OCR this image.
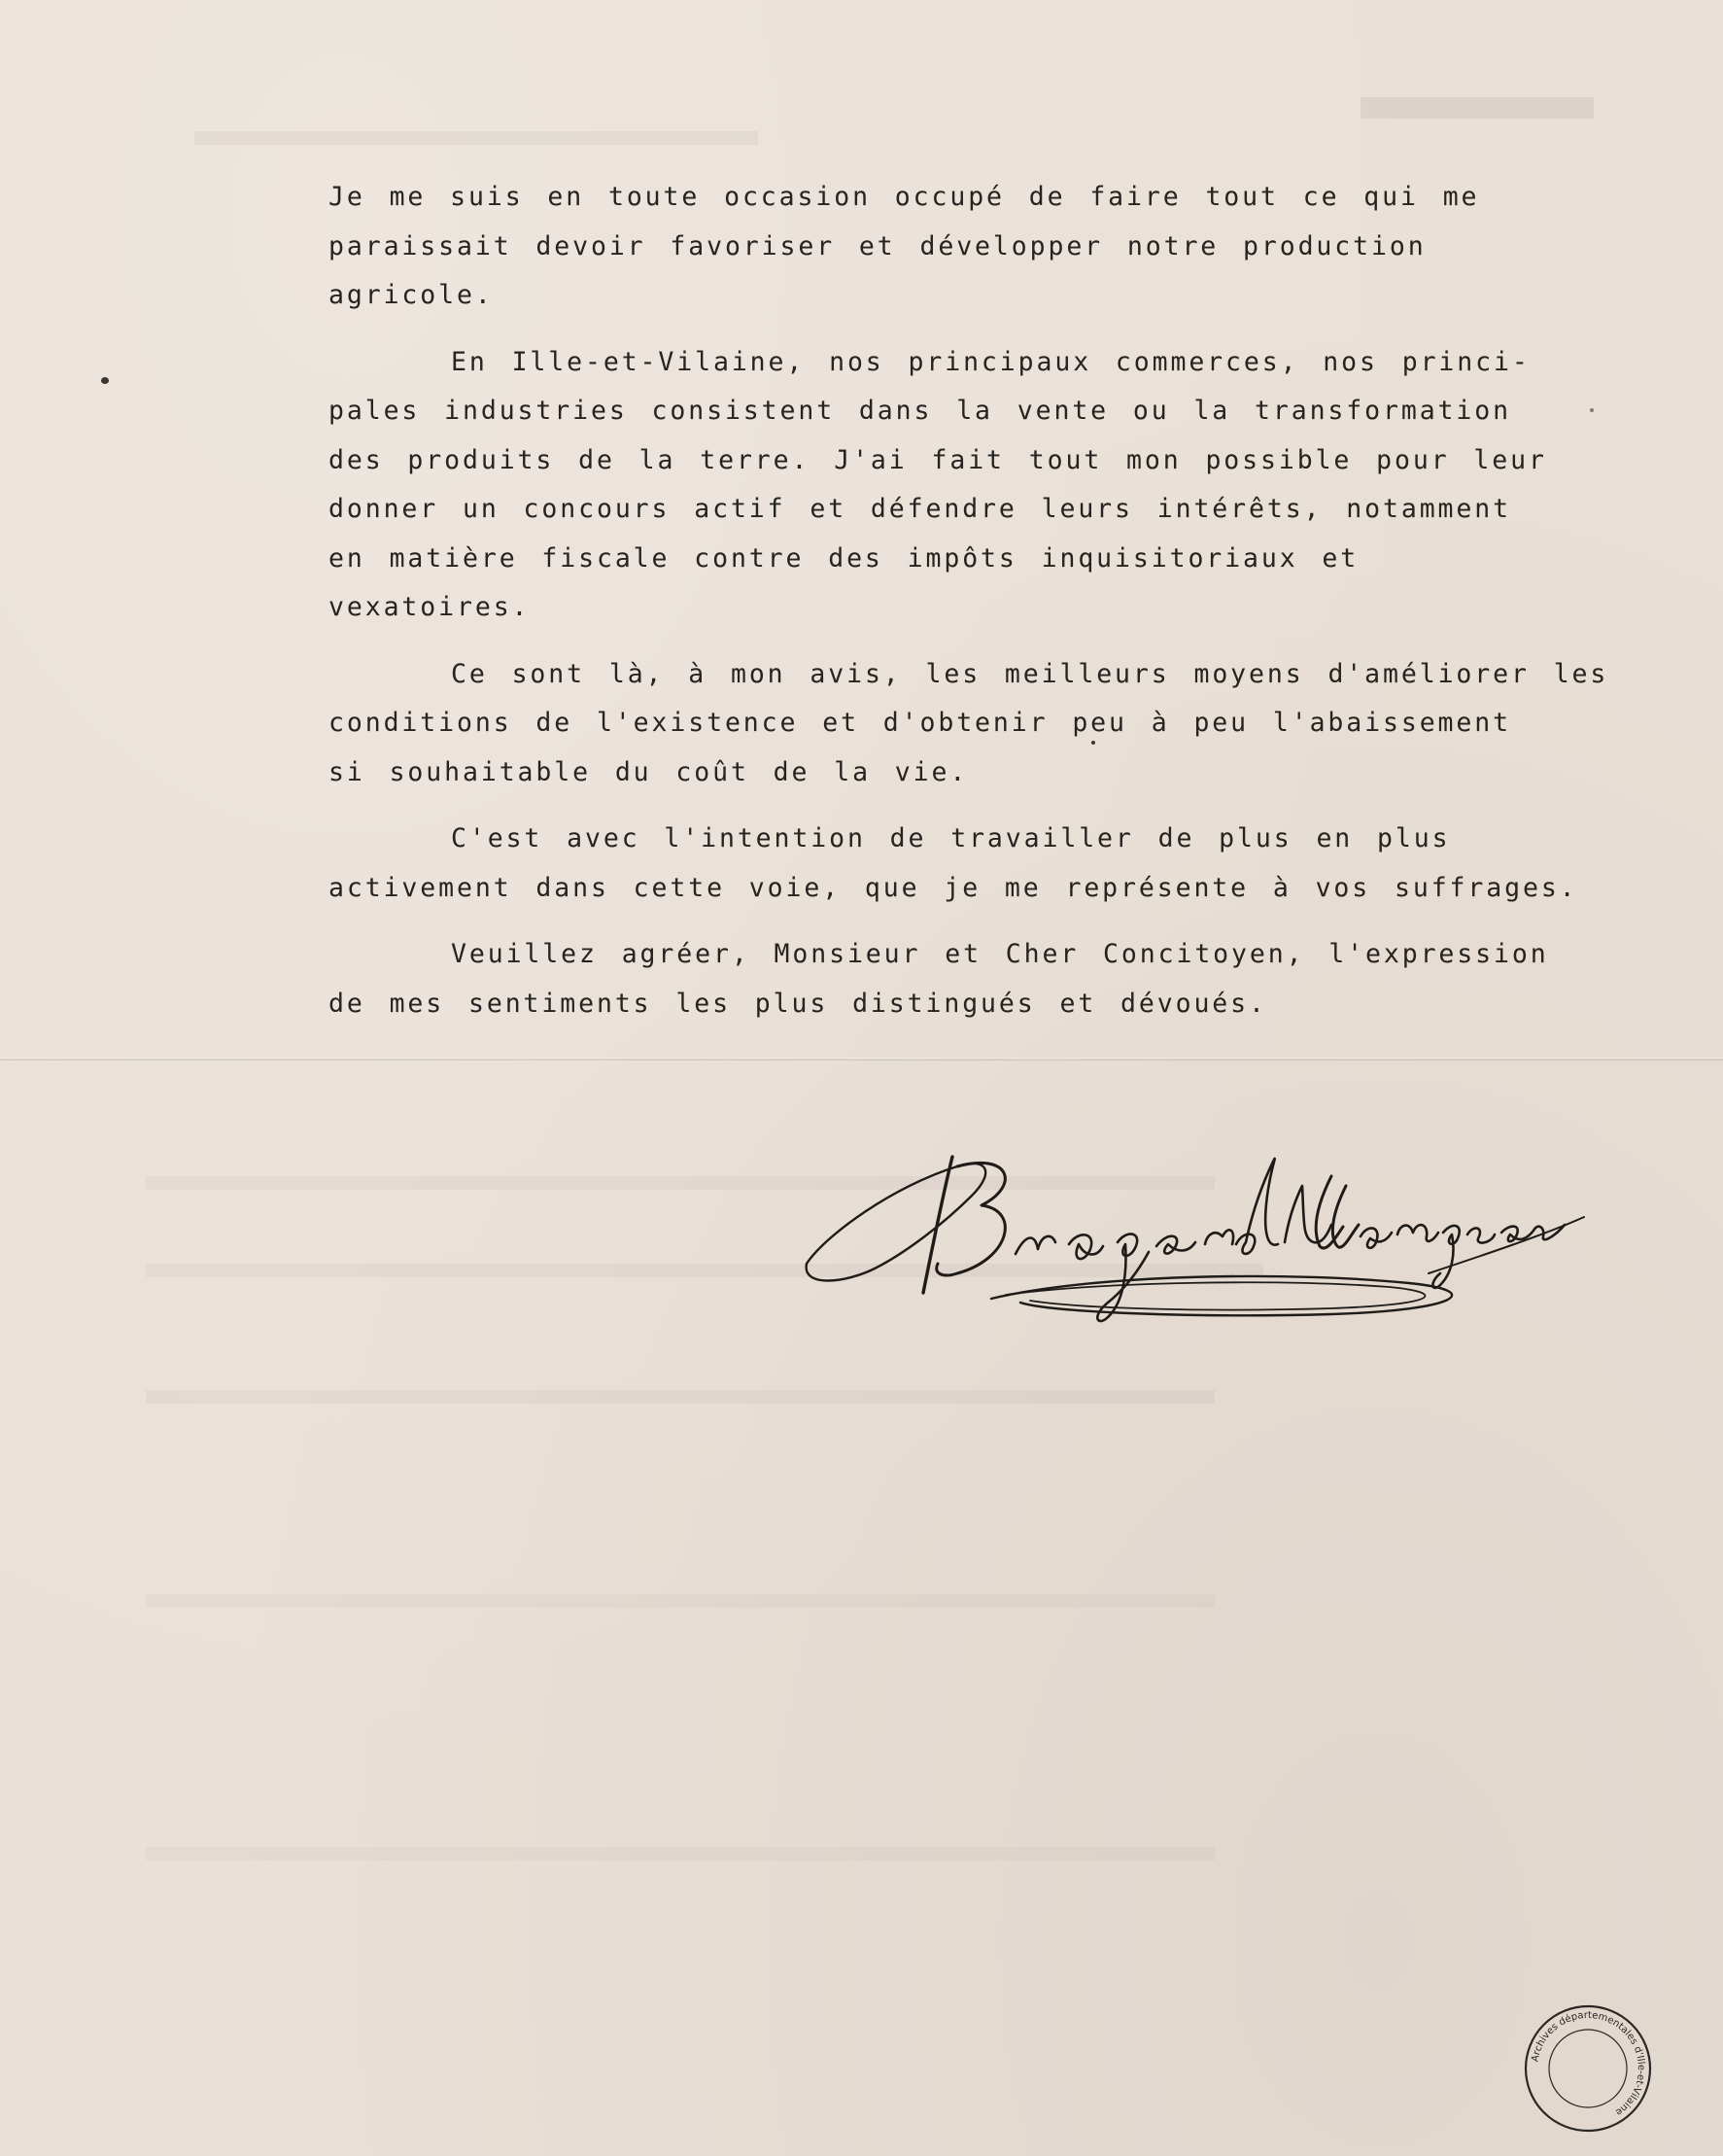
Je me suis en toute occasion occupé de faire tout ce qui me
paraissait devoir favoriser et développer notre production
agricole.

En Ille-et-Vilaine, nos principaux commerces, nos princi-
pales industries consistent dans la vente ou la transformation
des produits de la terre. J'ai fait tout mon possible pour leur
donner un concours actif et défendre leurs intérêts, notamment
en matière fiscale contre des impôts inquisitoriaux et
vexatoires.

Ce sont là, à mon avis, les meilleurs moyens d'améliorer les
conditions de l'existence et d'obtenir peu à peu l'abaissement
si souhaitable du coût de la vie.

C'est avec l'intention de travailler de plus en plus
activement dans cette voie, que je me représente à vos suffrages.

Veuillez agréer, Monsieur et Cher Concitoyen, l'expression
de mes sentiments les plus distingués et dévoués.

Archives départementales d'Ille-et-Vilaine
